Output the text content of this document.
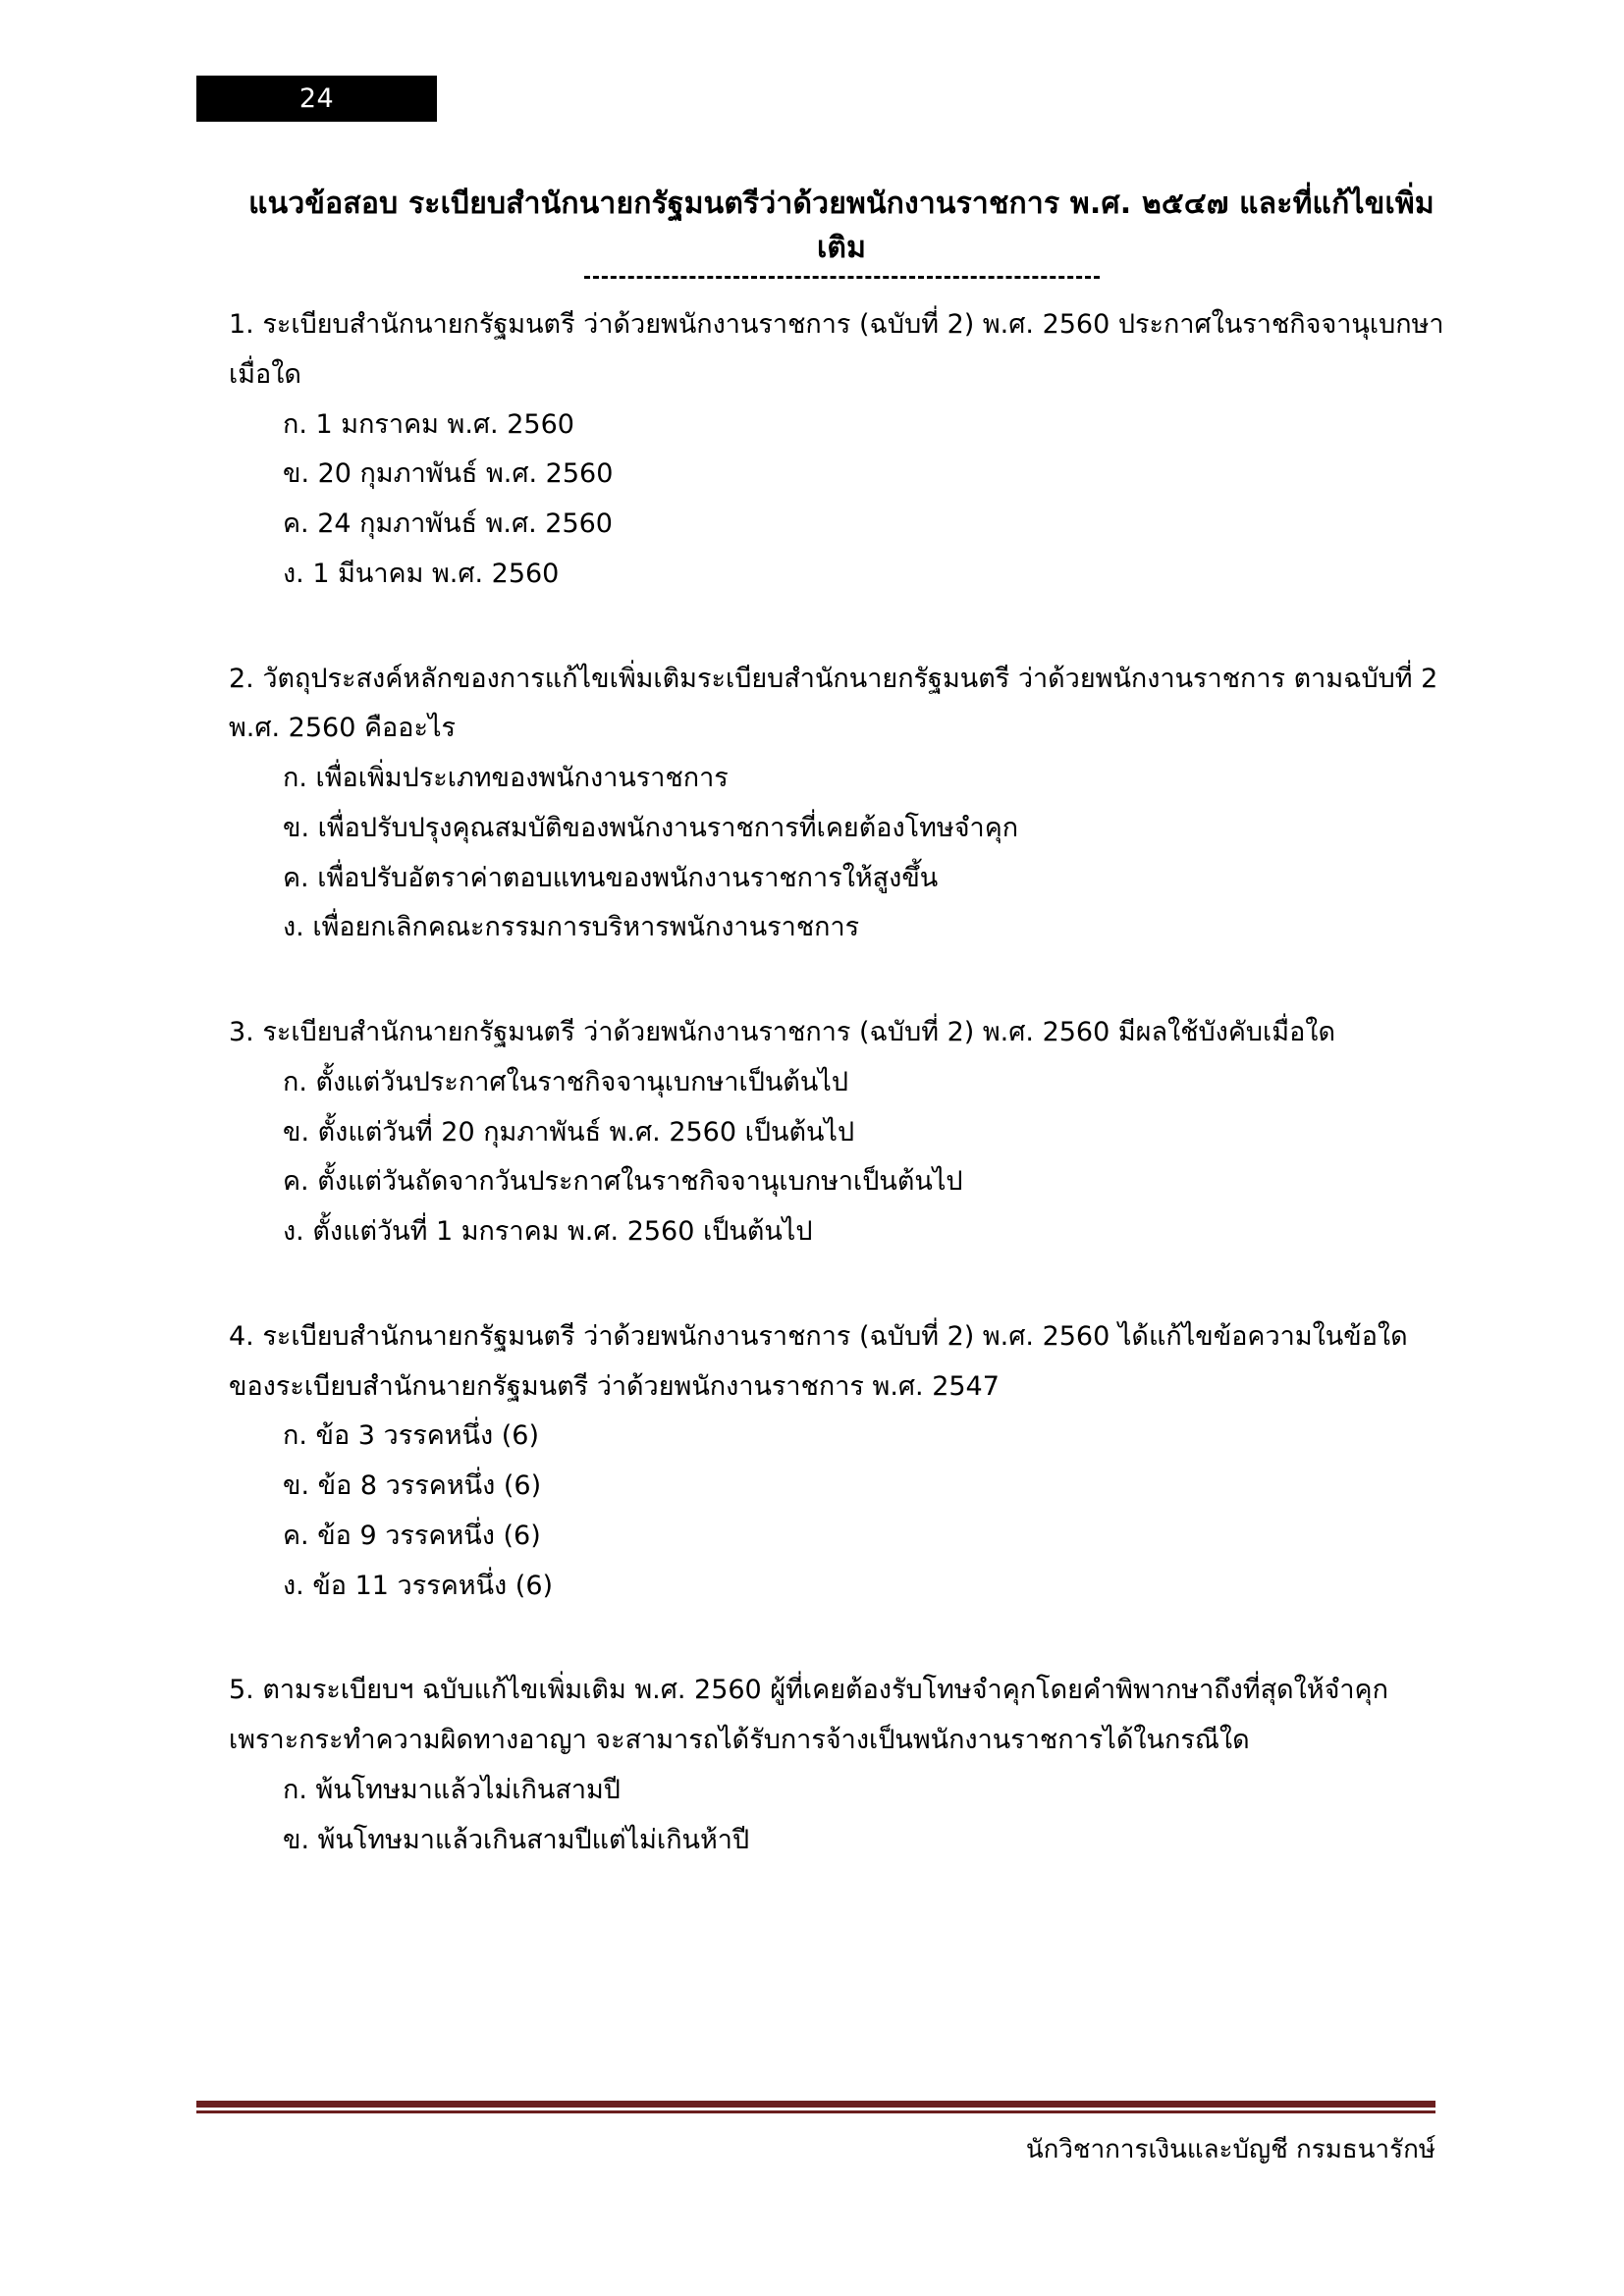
24
แนวข้อสอบ ระเบียบสำนักนายกรัฐมนตรีว่าด้วยพนักงานราชการ พ.ศ. ๒๕๔๗ และที่แก้ไขเพิ่มเติม

1. ระเบียบสำนักนายกรัฐมนตรี ว่าด้วยพนักงานราชการ (ฉบับที่ 2) พ.ศ. 2560 ประกาศในราชกิจจานุเบกษาเมื่อใด

ก. 1 มกราคม พ.ศ. 2560
ข. 20 กุมภาพันธ์ พ.ศ. 2560
ค. 24 กุมภาพันธ์ พ.ศ. 2560
ง. 1 มีนาคม พ.ศ. 2560

2. วัตถุประสงค์หลักของการแก้ไขเพิ่มเติมระเบียบสำนักนายกรัฐมนตรี ว่าด้วยพนักงานราชการ ตามฉบับที่ 2 พ.ศ. 2560 คืออะไร

ก. เพื่อเพิ่มประเภทของพนักงานราชการ
ข. เพื่อปรับปรุงคุณสมบัติของพนักงานราชการที่เคยต้องโทษจำคุก
ค. เพื่อปรับอัตราค่าตอบแทนของพนักงานราชการให้สูงขึ้น
ง. เพื่อยกเลิกคณะกรรมการบริหารพนักงานราชการ

3. ระเบียบสำนักนายกรัฐมนตรี ว่าด้วยพนักงานราชการ (ฉบับที่ 2) พ.ศ. 2560 มีผลใช้บังคับเมื่อใด

ก. ตั้งแต่วันประกาศในราชกิจจานุเบกษาเป็นต้นไป
ข. ตั้งแต่วันที่ 20 กุมภาพันธ์ พ.ศ. 2560 เป็นต้นไป
ค. ตั้งแต่วันถัดจากวันประกาศในราชกิจจานุเบกษาเป็นต้นไป
ง. ตั้งแต่วันที่ 1 มกราคม พ.ศ. 2560 เป็นต้นไป

4. ระเบียบสำนักนายกรัฐมนตรี ว่าด้วยพนักงานราชการ (ฉบับที่ 2) พ.ศ. 2560 ได้แก้ไขข้อความในข้อใดของระเบียบสำนักนายกรัฐมนตรี ว่าด้วยพนักงานราชการ พ.ศ. 2547

ก. ข้อ 3 วรรคหนึ่ง (6)
ข. ข้อ 8 วรรคหนึ่ง (6)
ค. ข้อ 9 วรรคหนึ่ง (6)
ง. ข้อ 11 วรรคหนึ่ง (6)

5. ตามระเบียบฯ ฉบับแก้ไขเพิ่มเติม พ.ศ. 2560 ผู้ที่เคยต้องรับโทษจำคุกโดยคำพิพากษาถึงที่สุดให้จำคุกเพราะกระทำความผิดทางอาญา จะสามารถได้รับการจ้างเป็นพนักงานราชการได้ในกรณีใด

ก. พ้นโทษมาแล้วไม่เกินสามปี
ข. พ้นโทษมาแล้วเกินสามปีแต่ไม่เกินห้าปี
นักวิชาการเงินและบัญชี กรมธนารักษ์
